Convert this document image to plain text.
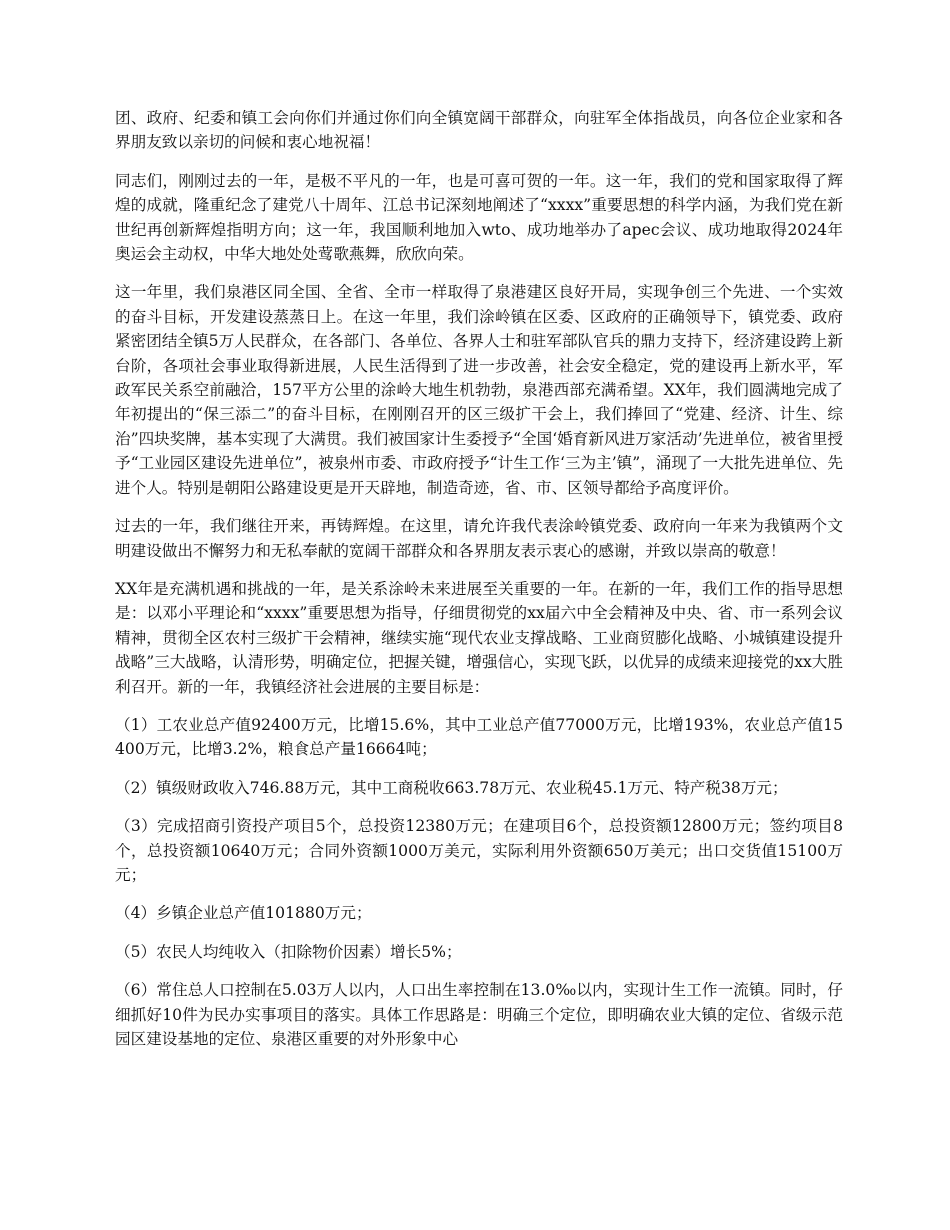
团、政府、纪委和镇工会向你们并通过你们向全镇宽阔干部群众，向驻军全体指战员，向各位企业家和各界朋友致以亲切的问候和衷心地祝福！

同志们，刚刚过去的一年，是极不平凡的一年，也是可喜可贺的一年。这一年，我们的党和国家取得了辉煌的成就，隆重纪念了建党八十周年、江总书记深刻地阐述了“xxxx”重要思想的科学内涵，为我们党在新世纪再创新辉煌指明方向；这一年，我国顺利地加入wto、成功地举办了apec会议、成功地取得2024年奥运会主动权，中华大地处处莺歌燕舞，欣欣向荣。

这一年里，我们泉港区同全国、全省、全市一样取得了泉港建区良好开局，实现争创三个先进、一个实效的奋斗目标，开发建设蒸蒸日上。在这一年里，我们涂岭镇在区委、区政府的正确领导下，镇党委、政府紧密团结全镇5万人民群众，在各部门、各单位、各界人士和驻军部队官兵的鼎力支持下，经济建设跨上新台阶，各项社会事业取得新进展，人民生活得到了进一步改善，社会安全稳定，党的建设再上新水平，军政军民关系空前融洽，157平方公里的涂岭大地生机勃勃，泉港西部充满希望。XX年，我们圆满地完成了年初提出的“保三添二”的奋斗目标，在刚刚召开的区三级扩干会上，我们捧回了“党建、经济、计生、综治”四块奖牌，基本实现了大满贯。我们被国家计生委授予“全国‘婚育新风进万家活动’先进单位，被省里授予“工业园区建设先进单位”，被泉州市委、市政府授予“计生工作‘三为主’镇”，涌现了一大批先进单位、先进个人。特别是朝阳公路建设更是开天辟地，制造奇迹，省、市、区领导都给予高度评价。

过去的一年，我们继往开来，再铸辉煌。在这里，请允许我代表涂岭镇党委、政府向一年来为我镇两个文明建设做出不懈努力和无私奉献的宽阔干部群众和各界朋友表示衷心的感谢，并致以崇高的敬意！

XX年是充满机遇和挑战的一年，是关系涂岭未来进展至关重要的一年。在新的一年，我们工作的指导思想是：以邓小平理论和“xxxx”重要思想为指导，仔细贯彻党的xx届六中全会精神及中央、省、市一系列会议精神，贯彻全区农村三级扩干会精神，继续实施“现代农业支撑战略、工业商贸膨化战略、小城镇建设提升战略”三大战略，认清形势，明确定位，把握关键，增强信心，实现飞跃，以优异的成绩来迎接党的xx大胜利召开。新的一年，我镇经济社会进展的主要目标是：

（1）工农业总产值92400万元，比增15.6%，其中工业总产值77000万元，比增193%，农业总产值15400万元，比增3.2%，粮食总产量16664吨；

（2）镇级财政收入746.88万元，其中工商税收663.78万元、农业税45.1万元、特产税38万元；

（3）完成招商引资投产项目5个，总投资12380万元；在建项目6个，总投资额12800万元；签约项目8个，总投资额10640万元；合同外资额1000万美元，实际利用外资额650万美元；出口交货值15100万元；

（4）乡镇企业总产值101880万元；

（5）农民人均纯收入（扣除物价因素）增长5%；

（6）常住总人口控制在5.03万人以内，人口出生率控制在13.0‰以内，实现计生工作一流镇。同时，仔细抓好10件为民办实事项目的落实。具体工作思路是：明确三个定位，即明确农业大镇的定位、省级示范园区建设基地的定位、泉港区重要的对外形象中心
